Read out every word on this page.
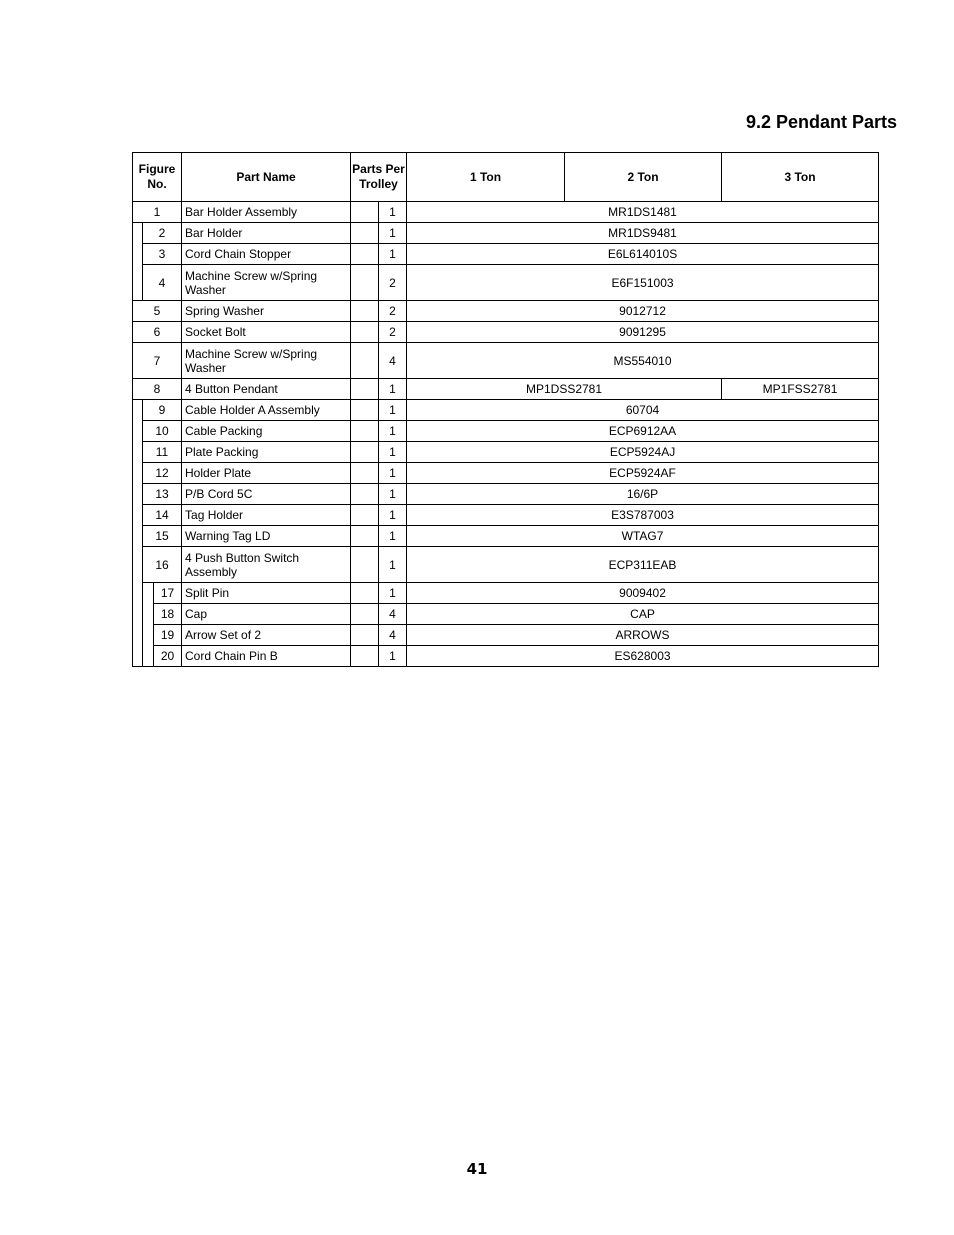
9.2 Pendant Parts
Figure No.			Part Name	Parts Per Trolley		1 Ton	2 Ton	3 Ton
1			Bar Holder Assembly		1	MR1DS1481		
	2		Bar Holder		1	MR1DS9481		
	3		Cord Chain Stopper		1	E6L614010S		
	4		Machine Screw w/Spring Washer		2	E6F151003		
5			Spring Washer		2	9012712		
6			Socket Bolt		2	9091295		
7			Machine Screw w/Spring Washer		4	MS554010		
8			4 Button Pendant		1	MP1DSS2781		MP1FSS2781
	9		Cable Holder A Assembly		1	60704		
	10		Cable Packing		1	ECP6912AA		
	11		Plate Packing		1	ECP5924AJ		
	12		Holder Plate		1	ECP5924AF		
	13		P/B Cord 5C		1	16/6P		
	14		Tag Holder		1	E3S787003		
	15		Warning Tag LD		1	WTAG7		
	16		4 Push Button Switch Assembly		1	ECP311EAB		
		17	Split Pin		1	9009402		
		18	Cap		4	CAP		
		19	Arrow Set of 2		4	ARROWS		
		20	Cord Chain Pin B		1	ES628003		
41
